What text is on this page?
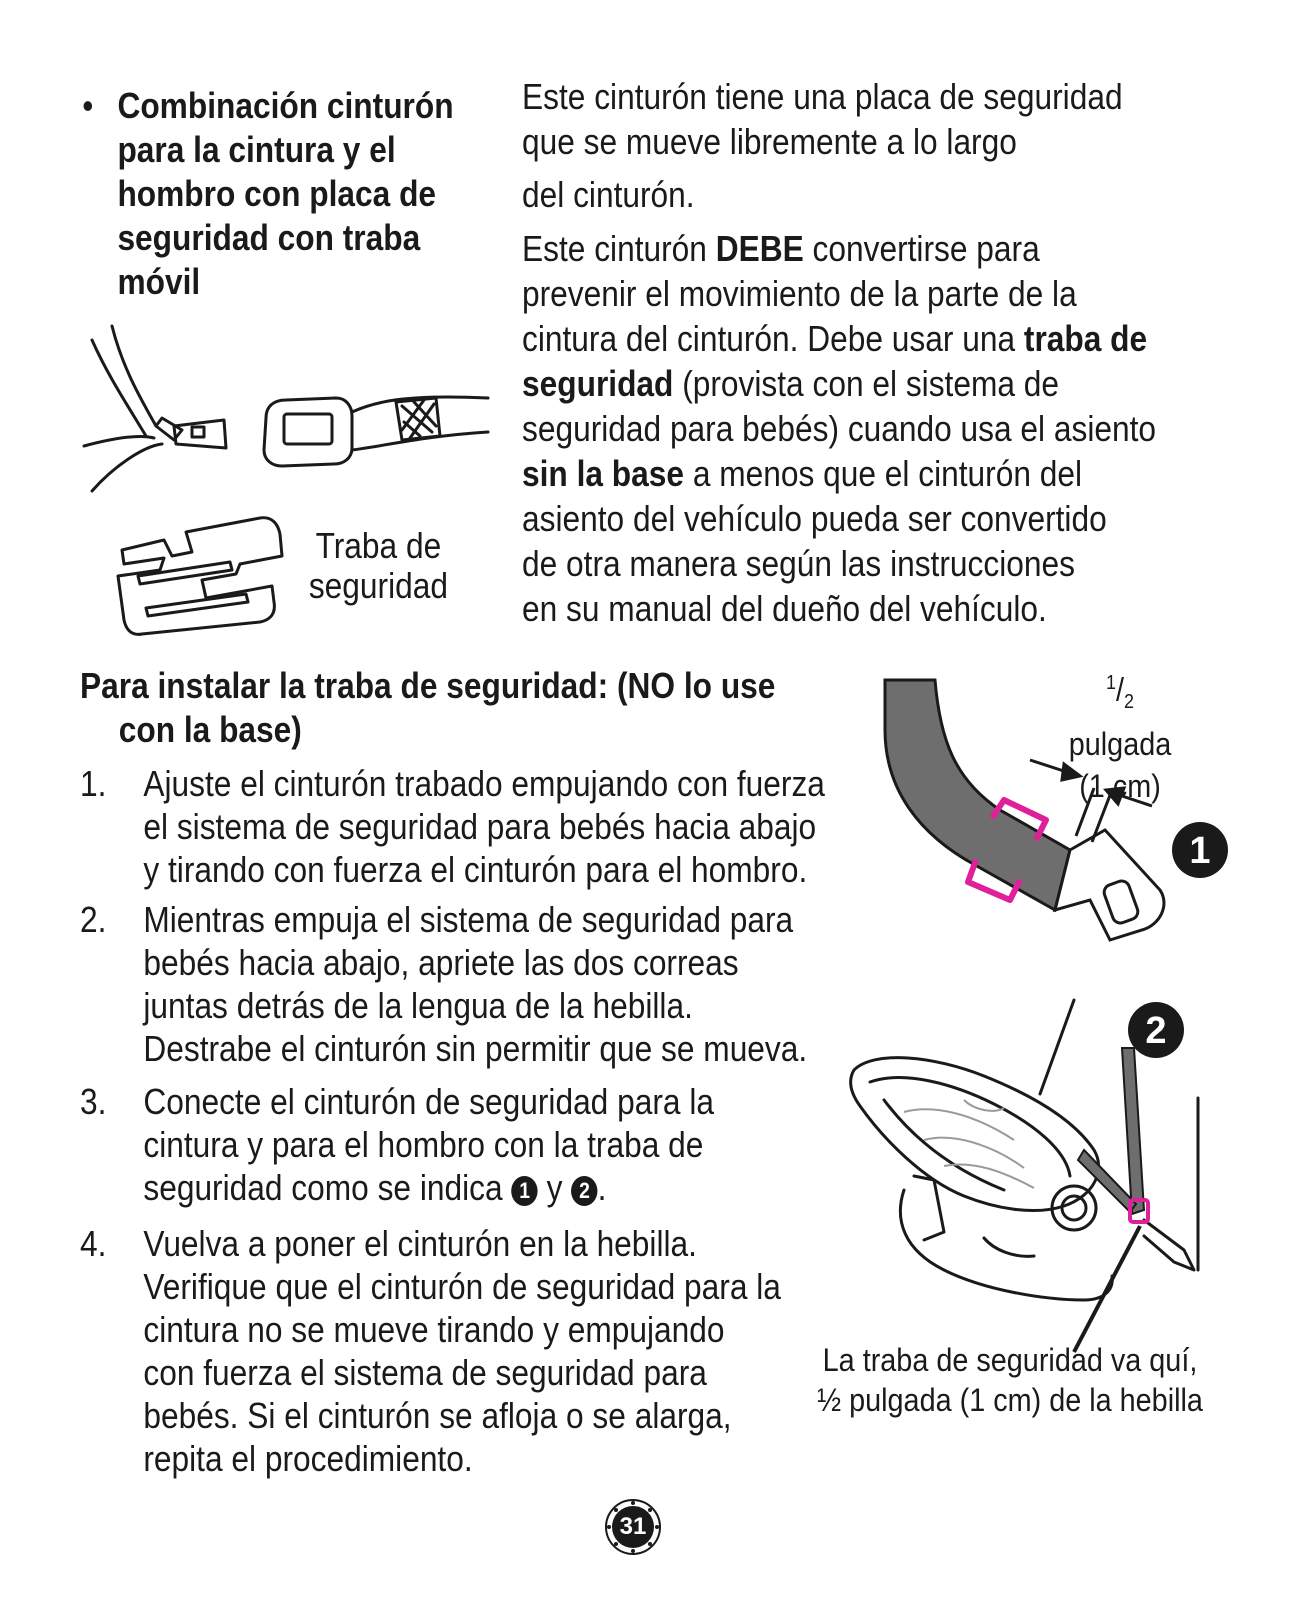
• Combinación cinturón
para la cintura y el
hombro con placa de
seguridad con traba
móvil
Este cinturón tiene una placa de seguridad
que se mueve libremente a lo largo
del cinturón.
Este cinturón DEBE convertirse para
prevenir el movimiento de la parte de la
cintura del cinturón. Debe usar una traba de
seguridad (provista con el sistema de
seguridad para bebés) cuando usa el asiento
sin la base a menos que el cinturón del
asiento del vehículo pueda ser convertido
de otra manera según las instrucciones
en su manual del dueño del vehículo.
Traba de
seguridad
Para instalar la traba de seguridad: (NO lo use
con la base)
1. Ajuste el cinturón trabado empujando con fuerza
el sistema de seguridad para bebés hacia abajo
y tirando con fuerza el cinturón para el hombro.
2. Mientras empuja el sistema de seguridad para
bebés hacia abajo, apriete las dos correas
juntas detrás de la lengua de la hebilla.
Destrabe el cinturón sin permitir que se mueva.
3. Conecte el cinturón de seguridad para la
cintura y para el hombro con la traba de
seguridad como se indica 1 y 2 .
4. Vuelva a poner el cinturón en la hebilla.
Verifique que el cinturón de seguridad para la
cintura no se mueve tirando y empujando
con fuerza el sistema de seguridad para
bebés. Si el cinturón se afloja o se alarga,
repita el procedimiento.
1
$^1/_2$
pulgada
(1 cm)
2
La traba de seguridad va quí,
½ pulgada (1 cm) de la hebilla
31
